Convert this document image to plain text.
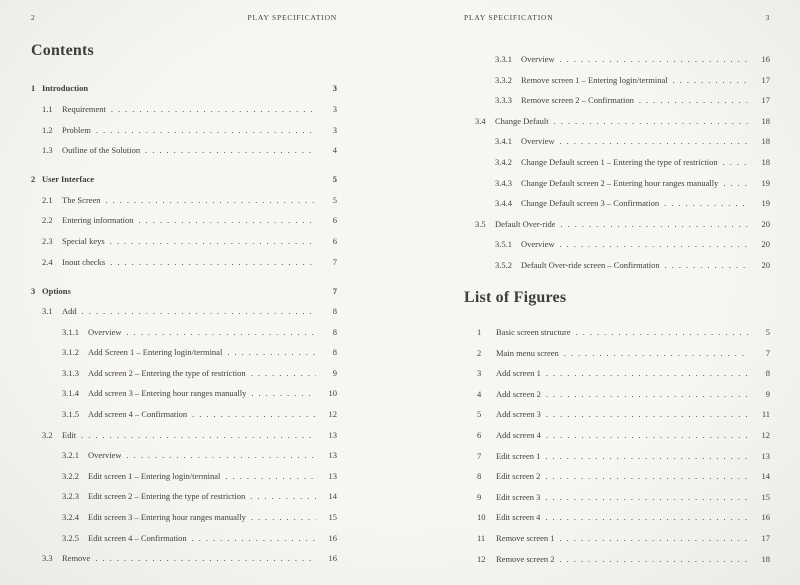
2	PLAY SPECIFICATION
Contents
1 Introduction	3
1.1	Requirement .....	3
1.2	Problem .....	3
1.3	Outline of the Solution .....	4
2 User Interface	5
2.1	The Screen .....	5
2.2	Entering information .....	6
2.3	Special keys .....	6
2.4	Inout checks .....	7
3 Options	7
3.1	Add .....	8
3.1.1	Overview .....	8
3.1.2	Add Screen 1 – Entering login/terminal .....	8
3.1.3	Add screen 2 – Entering the type of restriction .....	9
3.1.4	Add screen 3 – Entering hour ranges manually .....	10
3.1.5	Add screen 4 – Confirmation .....	12
3.2	Edit .....	13
3.2.1	Overview .....	13
3.2.2	Edit screen 1 – Entering login/terminal .....	13
3.2.3	Edit screen 2 – Entering the type of restriction .....	14
3.2.4	Edit screen 3 – Entering hour ranges manually .....	15
3.2.5	Edit screen 4 – Confirmation .....	16
3.3	Remove .....	16
PLAY SPECIFICATION	3
3.3.1	Overview .....	16
3.3.2	Remove screen 1 – Entering login/terminal .....	17
3.3.3	Remove screen 2 – Confirmation .....	17
3.4	Change Default .....	18
3.4.1	Overview .....	18
3.4.2	Change Default screen 1 – Entering the type of restriction .....	18
3.4.3	Change Default screen 2 – Entering hour ranges manually .....	19
3.4.4	Change Default screen 3 – Confirmation .....	19
3.5	Default Over-ride .....	20
3.5.1	Overview .....	20
3.5.2	Default Over-ride screen – Confirmation .....	20
List of Figures
1	Basic screen structure .....	5
2	Main menu screen .....	7
3	Add screen 1 .....	8
4	Add screen 2 .....	9
5	Add screen 3 .....	11
6	Add screen 4 .....	12
7	Edit screen 1 .....	13
8	Edit screen 2 .....	14
9	Edit screen 3 .....	15
10	Edit screen 4 .....	16
11	Remove screen 1 .....	17
12	Remove screen 2 .....	18
